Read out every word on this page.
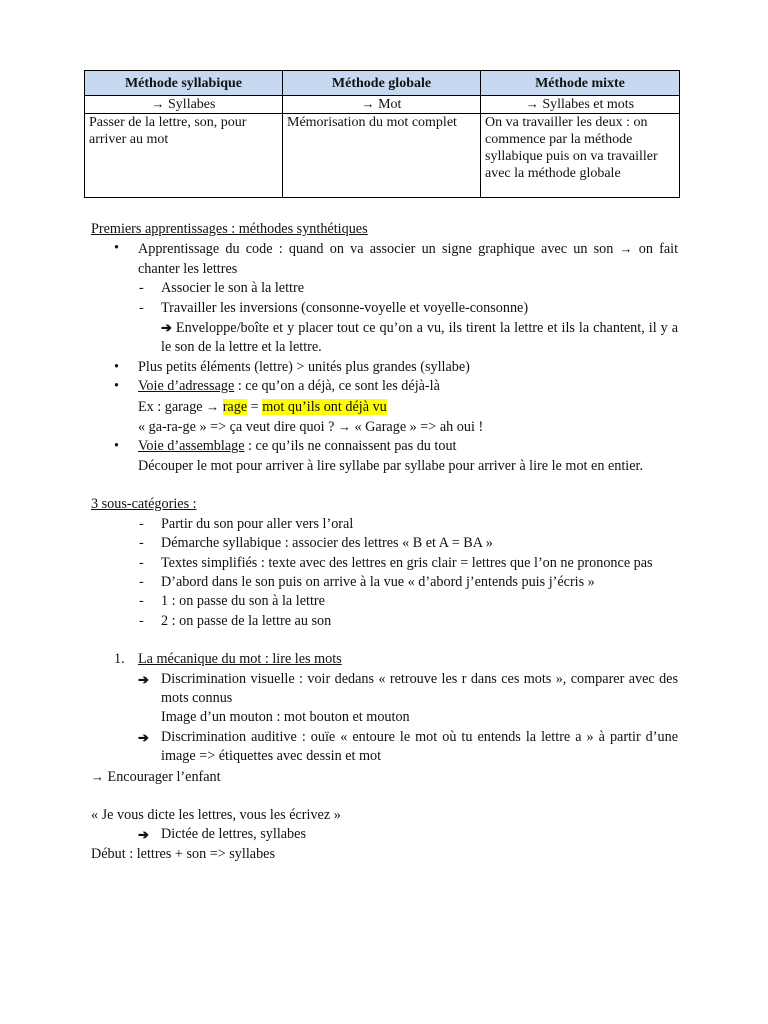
Méthode syllabique	Méthode globale	Méthode mixte
→ Syllabes	→ Mot	→ Syllabes et mots
Passer de la lettre, son, pour arriver au mot	Mémorisation du mot complet	On va travailler les deux : on commence par la méthode syllabique puis on va travailler avec la méthode globale
Premiers apprentissages : méthodes synthétiques
• Apprentissage du code : quand on va associer un signe graphique avec un son → on fait chanter les lettres
- Associer le son à la lettre
- Travailler les inversions (consonne-voyelle et voyelle-consonne)
➔ Enveloppe/boîte et y placer tout ce qu’on a vu, ils tirent la lettre et ils la chantent, il y a le son de la lettre et la lettre.
• Plus petits éléments (lettre) > unités plus grandes (syllabe)
• Voie d’adressage : ce qu’on a déjà, ce sont les déjà-là
Ex : garage → rage = mot qu’ils ont déjà vu
« ga-ra-ge » => ça veut dire quoi ? → « Garage » => ah oui !
• Voie d’assemblage : ce qu’ils ne connaissent pas du tout
Découper le mot pour arriver à lire syllabe par syllabe pour arriver à lire le mot en entier.
3 sous-catégories :
- Partir du son pour aller vers l’oral
- Démarche syllabique : associer des lettres « B et A = BA »
- Textes simplifiés : texte avec des lettres en gris clair = lettres que l’on ne prononce pas
- D’abord dans le son puis on arrive à la vue « d’abord j’entends puis j’écris »
- 1 : on passe du son à la lettre
- 2 : on passe de la lettre au son
1. La mécanique du mot : lire les mots
➔ Discrimination visuelle : voir dedans « retrouve les r dans ces mots », comparer avec des mots connus
Image d’un mouton : mot bouton et mouton
➔ Discrimination auditive : ouïe « entoure le mot où tu entends la lettre a » à partir d’une image => étiquettes avec dessin et mot
→ Encourager l’enfant
« Je vous dicte les lettres, vous les écrivez »
➔ Dictée de lettres, syllabes
Début : lettres + son => syllabes
